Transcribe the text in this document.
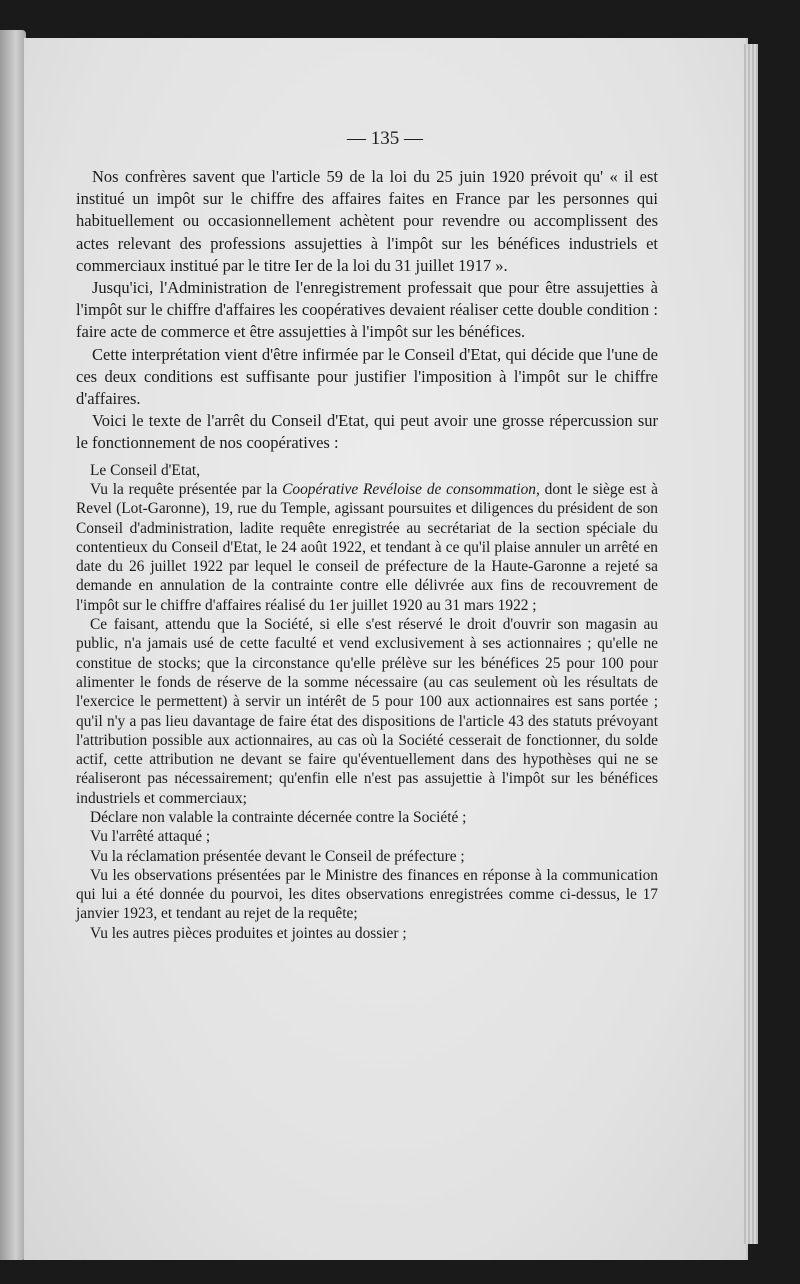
— 135 —

Nos confrères savent que l'article 59 de la loi du 25 juin 1920 prévoit qu' « il est institué un impôt sur le chiffre des affaires faites en France par les personnes qui habituellement ou occasionnellement achètent pour revendre ou accomplissent des actes relevant des professions assujetties à l'impôt sur les bénéfices industriels et commerciaux institué par le titre Ier de la loi du 31 juillet 1917 ».

Jusqu'ici, l'Administration de l'enregistrement professait que pour être assujetties à l'impôt sur le chiffre d'affaires les coopératives devaient réaliser cette double condition : faire acte de commerce et être assujetties à l'impôt sur les bénéfices.

Cette interprétation vient d'être infirmée par le Conseil d'Etat, qui décide que l'une de ces deux conditions est suffisante pour justifier l'imposition à l'impôt sur le chiffre d'affaires.

Voici le texte de l'arrêt du Conseil d'Etat, qui peut avoir une grosse répercussion sur le fonctionnement de nos coopératives :

Le Conseil d'Etat,

Vu la requête présentée par la Coopérative Revéloise de consommation, dont le siège est à Revel (Lot-Garonne), 19, rue du Temple, agissant poursuites et diligences du président de son Conseil d'administration, ladite requête enregistrée au secrétariat de la section spéciale du contentieux du Conseil d'Etat, le 24 août 1922, et tendant à ce qu'il plaise annuler un arrêté en date du 26 juillet 1922 par lequel le conseil de préfecture de la Haute-Garonne a rejeté sa demande en annulation de la contrainte contre elle délivrée aux fins de recouvrement de l'impôt sur le chiffre d'affaires réalisé du 1er juillet 1920 au 31 mars 1922 ;

Ce faisant, attendu que la Société, si elle s'est réservé le droit d'ouvrir son magasin au public, n'a jamais usé de cette faculté et vend exclusivement à ses actionnaires ; qu'elle ne constitue de stocks; que la circonstance qu'elle prélève sur les bénéfices 25 pour 100 pour alimenter le fonds de réserve de la somme nécessaire (au cas seulement où les résultats de l'exercice le permettent) à servir un intérêt de 5 pour 100 aux actionnaires est sans portée ; qu'il n'y a pas lieu davantage de faire état des dispositions de l'article 43 des statuts prévoyant l'attribution possible aux actionnaires, au cas où la Société cesserait de fonctionner, du solde actif, cette attribution ne devant se faire qu'éventuellement dans des hypothèses qui ne se réaliseront pas nécessairement; qu'enfin elle n'est pas assujettie à l'impôt sur les bénéfices industriels et commerciaux;

Déclare non valable la contrainte décernée contre la Société ;

Vu l'arrêté attaqué ;

Vu la réclamation présentée devant le Conseil de préfecture ;

Vu les observations présentées par le Ministre des finances en réponse à la communication qui lui a été donnée du pourvoi, les dites observations enregistrées comme ci-dessus, le 17 janvier 1923, et tendant au rejet de la requête;

Vu les autres pièces produites et jointes au dossier ;
